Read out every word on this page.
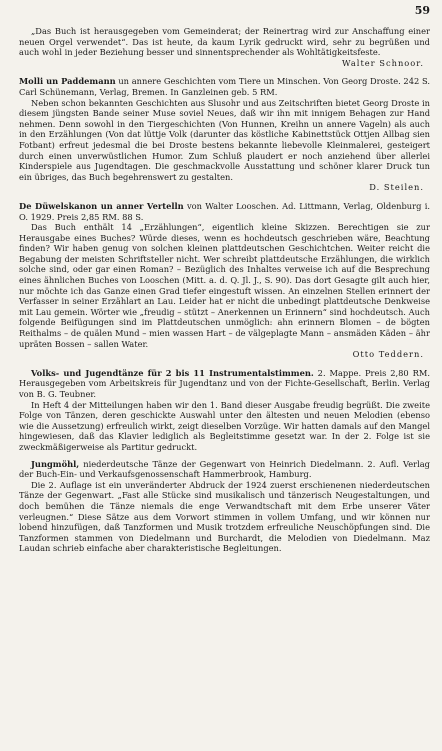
59

„Das Buch ist herausgegeben vom Gemeinderat; der Reinertrag wird zur Anschaffung einer neuen Orgel verwendet“. Das ist heute, da kaum Lyrik gedruckt wird, sehr zu begrüßen und auch wohl in jeder Beziehung besser und sinnentsprechender als Wohltätigkeitsfeste.

Walter Schnoor.

Molli un Paddemann un annere Geschichten vom Tiere un Minschen. Von Georg Droste. 242 S. Carl Schünemann, Verlag, Bremen. In Ganzleinen geb. 5 RM.

Neben schon bekannten Geschichten aus Slusohr und aus Zeitschriften bietet Georg Droste in diesem jüngsten Bande seiner Muse soviel Neues, daß wir ihn mit innigem Behagen zur Hand nehmen. Denn sowohl in den Tiergeschichten (Von Hunnen, Kreihn un annere Vageln) als auch in den Erzählungen (Von dat lüttje Volk (darunter das köstliche Kabinettstück Ottjen Allbag sien Fotbant) erfreut jedesmal die bei Droste bestens bekannte liebevolle Kleinmalerei, gesteigert durch einen unverwüstlichen Humor. Zum Schluß plaudert er noch anziehend über allerlei Kinderspiele aus Jugendtagen. Die geschmackvolle Ausstattung und schöner klarer Druck tun ein übriges, das Buch begehrenswert zu gestalten.

D. Steilen.

De Düwelskanon un anner Vertelln von Walter Looschen. Ad. Littmann, Verlag, Oldenburg i. O. 1929. Preis 2,85 RM. 88 S.

Das Buch enthält 14 „Erzählungen“, eigentlich kleine Skizzen. Berechtigen sie zur Herausgabe eines Buches? Würde dieses, wenn es hochdeutsch geschrieben wäre, Beachtung finden? Wir haben genug von solchen kleinen plattdeutschen Geschichtchen. Weiter reicht die Begabung der meisten Schriftsteller nicht. Wer schreibt plattdeutsche Erzählungen, die wirklich solche sind, oder gar einen Roman? – Bezüglich des Inhaltes verweise ich auf die Besprechung eines ähnlichen Buches von Looschen (Mitt. a. d. Q. Jl. J., S. 90). Das dort Gesagte gilt auch hier, nur möchte ich das Ganze einen Grad tiefer eingestuft wissen. An einzelnen Stellen erinnert der Verfasser in seiner Erzählart an Lau. Leider hat er nicht die unbedingt plattdeutsche Denkweise mit Lau gemein. Wörter wie „freudig – stützt – Anerkennen un Erinnern“ sind hochdeutsch. Auch folgende Beifügungen sind im Plattdeutschen unmöglich: ahn erinnern Blomen – de bögten Reithalms – de quälen Mund – mien wassen Hart – de välgeplagte Mann – ansmäden Käden – ähr upräten Bossen – sallen Water.

Otto Teddern.

Volks- und Jugendtänze für 2 bis 11 Instrumentalstimmen. 2. Mappe. Preis 2,80 RM. Herausgegeben vom Arbeitskreis für Jugendtanz und von der Fichte-Gesellschaft, Berlin. Verlag von B. G. Teubner.

In Heft 4 der Mitteilungen haben wir den 1. Band dieser Ausgabe freudig begrüßt. Die zweite Folge von Tänzen, deren geschickte Auswahl unter den ältesten und neuen Melodien (ebenso wie die Aussetzung) erfreulich wirkt, zeigt dieselben Vorzüge. Wir hatten damals auf den Mangel hingewiesen, daß das Klavier lediglich als Begleitstimme gesetzt war. In der 2. Folge ist sie zweckmäßigerweise als Partitur gedruckt.

Jungmöhl, niederdeutsche Tänze der Gegenwart von Heinrich Diedelmann. 2. Aufl. Verlag der Buch-Ein- und Verkaufsgenossenschaft Hammerbrook, Hamburg.

Die 2. Auflage ist ein unveränderter Abdruck der 1924 zuerst erschienenen niederdeutschen Tänze der Gegenwart. „Fast alle Stücke sind musikalisch und tänzerisch Neugestaltungen, und doch bemühen die Tänze niemals die enge Verwandtschaft mit dem Erbe unserer Väter verleugnen.“ Diese Sätze aus dem Vorwort stimmen in vollem Umfang, und wir können nur lobend hinzufügen, daß Tanzformen und Musik trotzdem erfreuliche Neuschöpfungen sind. Die Tanzformen stammen von Diedelmann und Burchardt, die Melodien von Diedelmann. Maz Laudan schrieb einfache aber charakteristische Begleitungen.
